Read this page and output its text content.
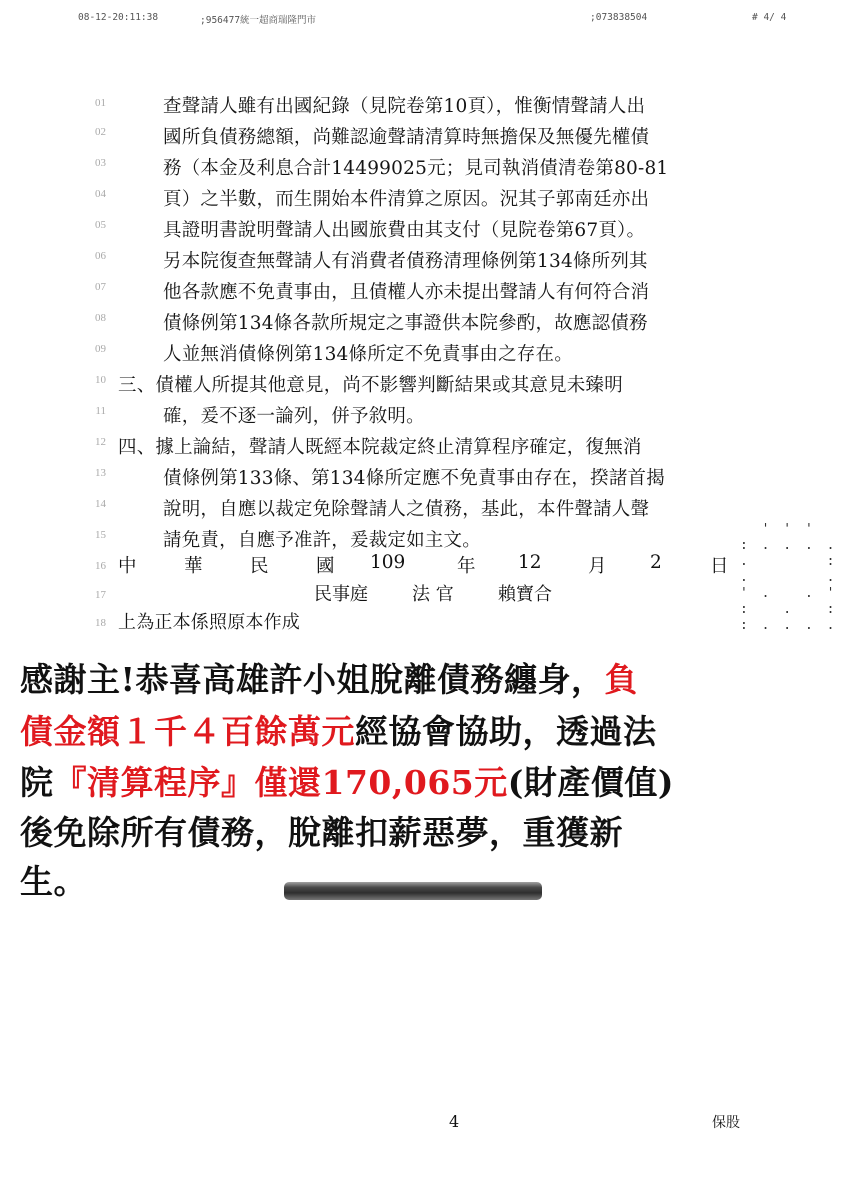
08-12-20:11:38	;956477統一超商瑞隆門市	;073838504	# 4/ 4
01
02
03
04
05
06
07
08
09
10
11
12
13
14
15
16
17
18
查聲請人雖有出國紀錄（見院卷第10頁），惟衡情聲請人出
國所負債務總額，尚難認逾聲請清算時無擔保及無優先權債
務（本金及利息合計14499025元；見司執消債清卷第80-81
頁）之半數，而生開始本件清算之原因。況其子郭南廷亦出
具證明書說明聲請人出國旅費由其支付（見院卷第67頁）。
另本院復查無聲請人有消費者債務清理條例第134條所列其
他各款應不免責事由，且債權人亦未提出聲請人有何符合消
債條例第134條各款所規定之事證供本院參酌，故應認債務
人並無消債條例第134條所定不免責事由之存在。
三、債權人所提其他意見，尚不影響判斷結果或其意見未臻明
確，爰不逐一論列，併予敘明。
四、據上論結，聲請人既經本院裁定終止清算程序確定，復無消
債條例第133條、第134條所定應不免責事由存在，揆諸首揭
說明，自應以裁定免除聲請人之債務，基此，本件聲請人聲
請免責，自應予准許，爰裁定如主文。
中	華	民	國 109	年 12	月 2	日
民事庭 法 官 賴寶合
上為正本係照原本作成
' ' '
: . . . .
.       :
.       .
' .   . '
:   .   :
: . . . .

感謝主!恭喜高雄許小姐脫離債務纏身，負
債金額１千４百餘萬元經協會協助，透過法
院『清算程序』僅還170,065元(財產價值)
後免除所有債務，脫離扣薪惡夢，重獲新
生。
4	保股
